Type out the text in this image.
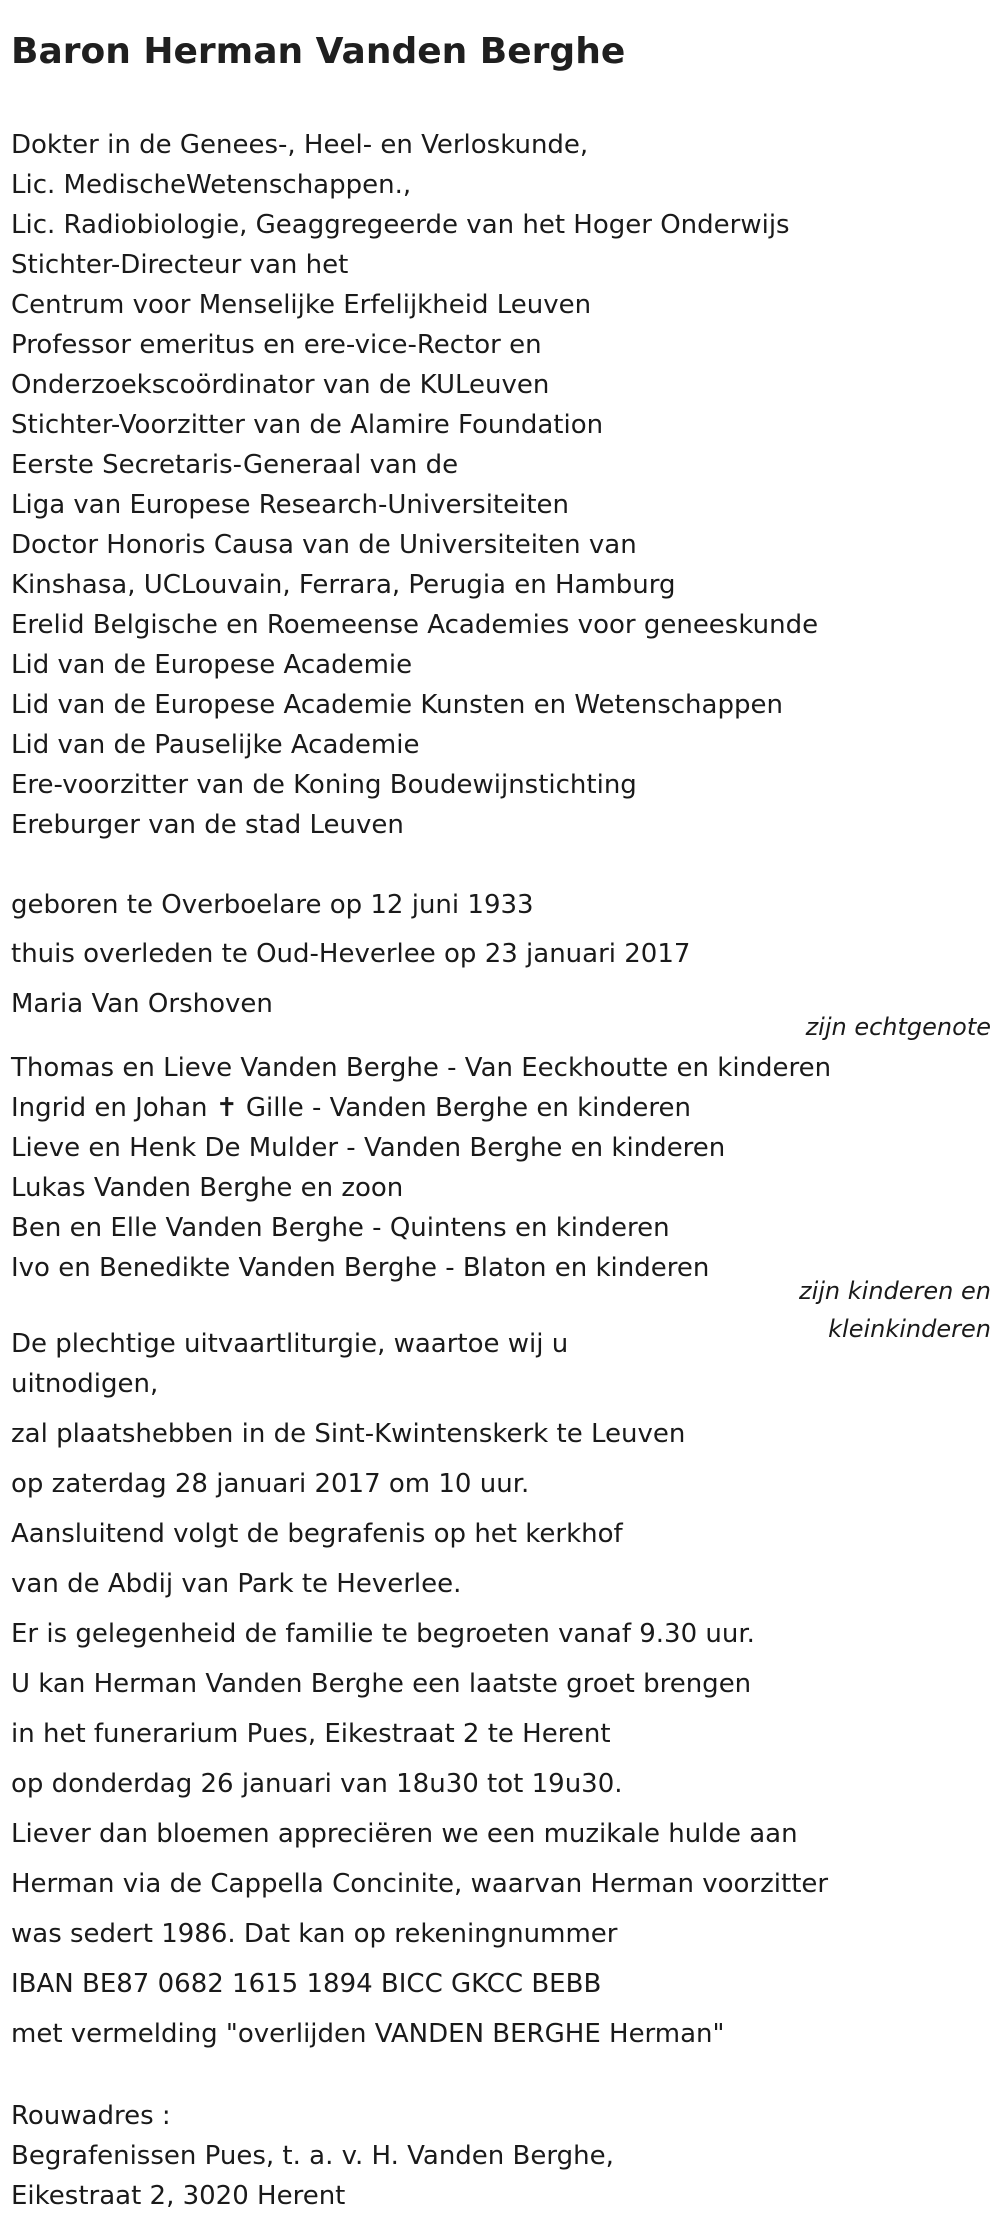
Baron Herman Vanden Berghe
Dokter in de Genees-, Heel- en Verloskunde,
Lic. MedischeWetenschappen.,
Lic. Radiobiologie, Geaggregeerde van het Hoger Onderwijs
Stichter-Directeur van het
Centrum voor Menselijke Erfelijkheid Leuven
Professor emeritus en ere-vice-Rector en
Onderzoekscoördinator van de KULeuven
Stichter-Voorzitter van de Alamire Foundation
Eerste Secretaris-Generaal van de
Liga van Europese Research-Universiteiten
Doctor Honoris Causa van de Universiteiten van
Kinshasa, UCLouvain, Ferrara, Perugia en Hamburg
Erelid Belgische en Roemeense Academies voor geneeskunde
Lid van de Europese Academie
Lid van de Europese Academie Kunsten en Wetenschappen
Lid van de Pauselijke Academie
Ere-voorzitter van de Koning Boudewijnstichting
Ereburger van de stad Leuven
geboren te Overboelare op 12 juni 1933
thuis overleden te Oud-Heverlee op 23 januari 2017
Maria Van Orshoven
zijn echtgenote
Thomas en Lieve Vanden Berghe - Van Eeckhoutte en kinderen
Ingrid en Johan ✝ Gille - Vanden Berghe en kinderen
Lieve en Henk De Mulder - Vanden Berghe en kinderen
Lukas Vanden Berghe en zoon
Ben en Elle Vanden Berghe - Quintens en kinderen
Ivo en Benedikte Vanden Berghe - Blaton en kinderen
zijn kinderen en
kleinkinderen
De plechtige uitvaartliturgie, waartoe wij u
uitnodigen,
zal plaatshebben in de Sint-Kwintenskerk te Leuven
op zaterdag 28 januari 2017 om 10 uur.
Aansluitend volgt de begrafenis op het kerkhof
van de Abdij van Park te Heverlee.
Er is gelegenheid de familie te begroeten vanaf 9.30 uur.
U kan Herman Vanden Berghe een laatste groet brengen
in het funerarium Pues, Eikestraat 2 te Herent
op donderdag 26 januari van 18u30 tot 19u30.
Liever dan bloemen appreciëren we een muzikale hulde aan
Herman via de Cappella Concinite, waarvan Herman voorzitter
was sedert 1986. Dat kan op rekeningnummer
IBAN BE87 0682 1615 1894 BICC GKCC BEBB
met vermelding "overlijden VANDEN BERGHE Herman"
Rouwadres :
Begrafenissen Pues, t. a. v. H. Vanden Berghe,
Eikestraat 2, 3020 Herent
